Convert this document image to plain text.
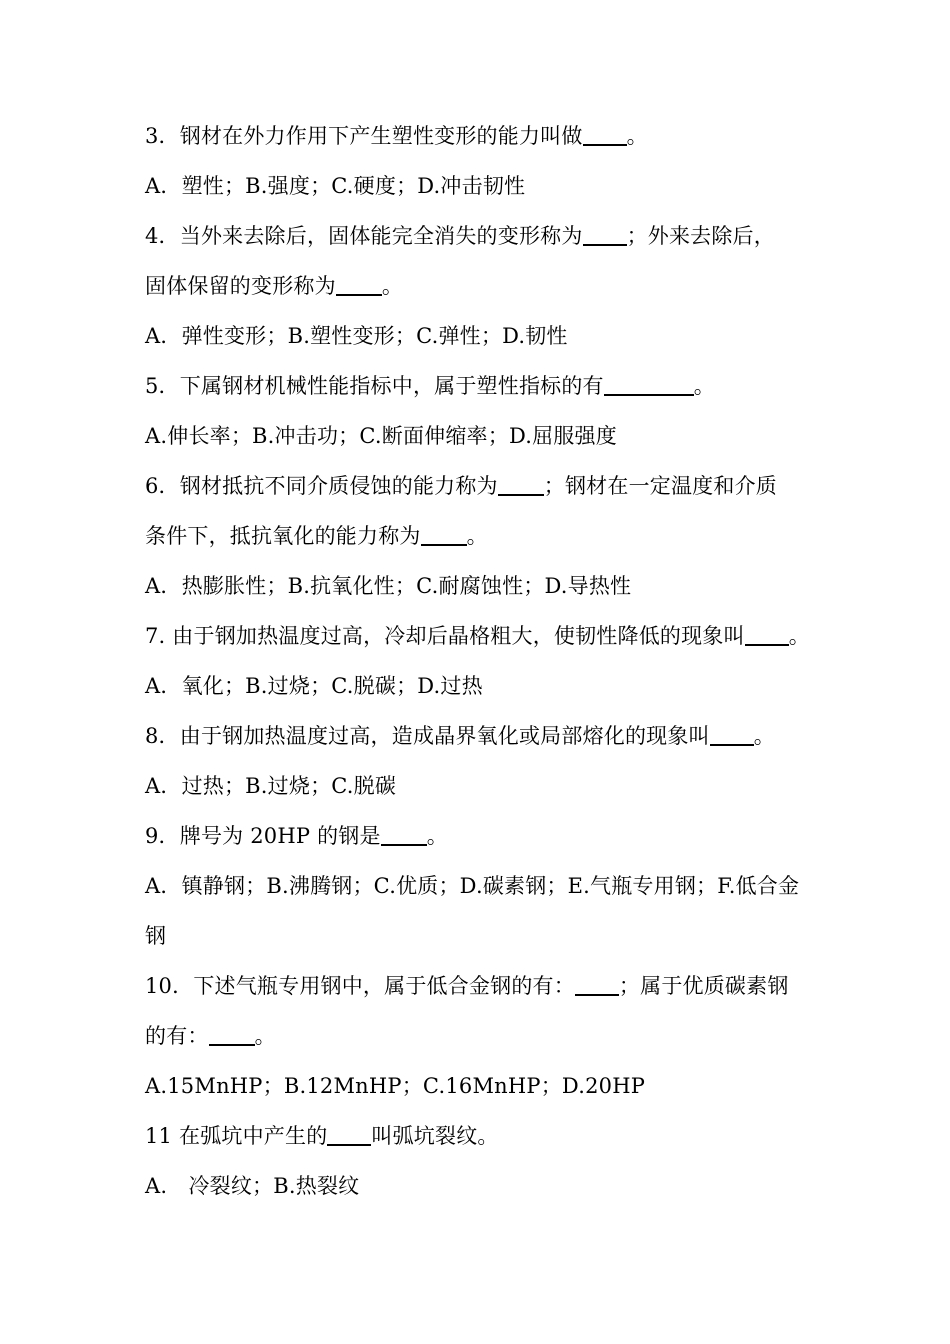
3．钢材在外力作用下产生塑性变形的能力叫做 。
A．塑性；B.强度；C.硬度；D.冲击韧性
4．当外来去除后，固体能完全消失的变形称为 ；外来去除后，
固体保留的变形称为 。
A．弹性变形；B.塑性变形；C.弹性；D.韧性
5．下属钢材机械性能指标中，属于塑性指标的有	。
A.伸长率；B.冲击功；C.断面伸缩率；D.屈服强度
6．钢材抵抗不同介质侵蚀的能力称为 ；钢材在一定温度和介质
条件下，抵抗氧化的能力称为 。
A．热膨胀性；B.抗氧化性；C.耐腐蚀性；D.导热性
7. 由于钢加热温度过高，冷却后晶格粗大，使韧性降低的现象叫 。
A．氧化；B.过烧；C.脱碳；D.过热
8．由于钢加热温度过高，造成晶界氧化或局部熔化的现象叫 。
A．过热；B.过烧；C.脱碳
9．牌号为 20HP 的钢是 。
A．镇静钢；B.沸腾钢；C.优质；D.碳素钢；E.气瓶专用钢；F.低合金
钢
10．下述气瓶专用钢中，属于低合金钢的有： ；属于优质碳素钢
的有： 。
A.15MnHP；B.12MnHP；C.16MnHP；D.20HP
11 在弧坑中产生的 叫弧坑裂纹。
A.　冷裂纹；B.热裂纹
